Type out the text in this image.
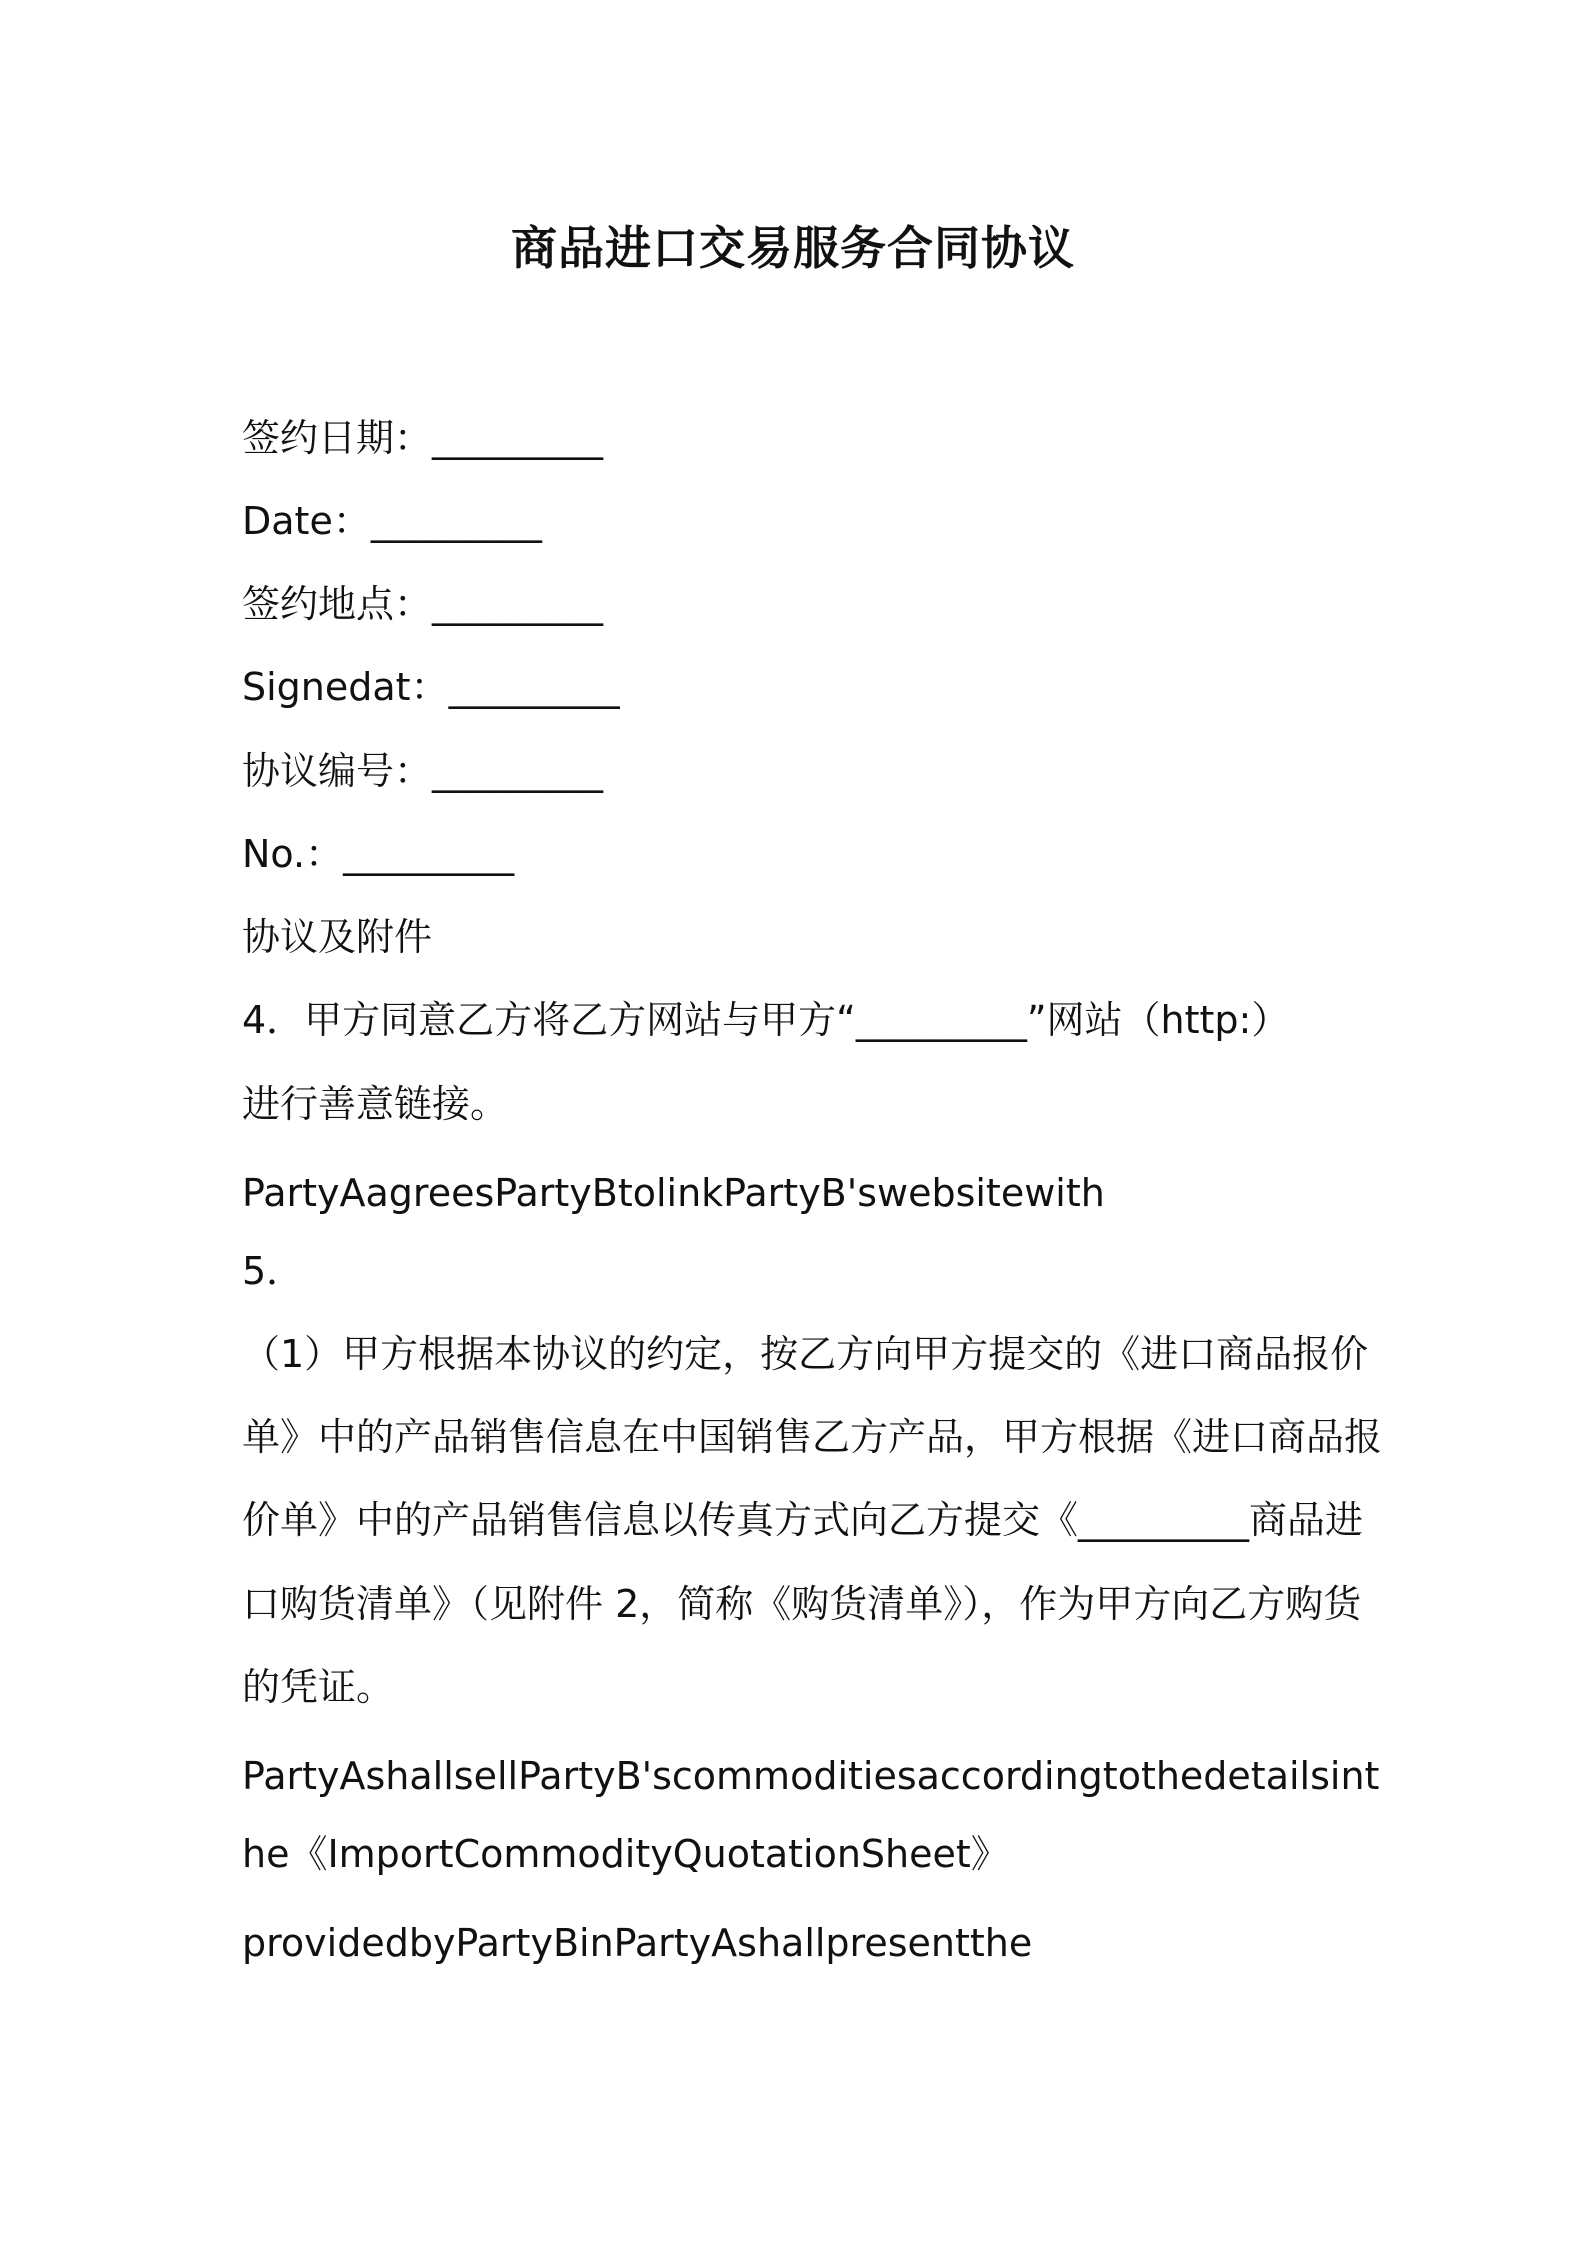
商品进口交易服务合同协议
签约日期：_________
Date：_________
签约地点：_________
Signedat：_________
协议编号：_________
No.：_________
协议及附件
4．甲方同意乙方将乙方网站与甲方“_________”网站（http:）
进行善意链接。
PartyAagreesPartyBtolinkPartyB'swebsitewith
5．
（1）甲方根据本协议的约定，按乙方向甲方提交的《进口商品报价
单》中的产品销售信息在中国销售乙方产品，甲方根据《进口商品报
价单》中的产品销售信息以传真方式向乙方提交《_________商品进
口购货清单》（见附件 2，简称《购货清单》），作为甲方向乙方购货
的凭证。
PartyAshallsellPartyB'scommoditiesaccordingtothedetailsint
he《ImportCommodityQuotationSheet》
providedbyPartyBinPartyAshallpresentthe
